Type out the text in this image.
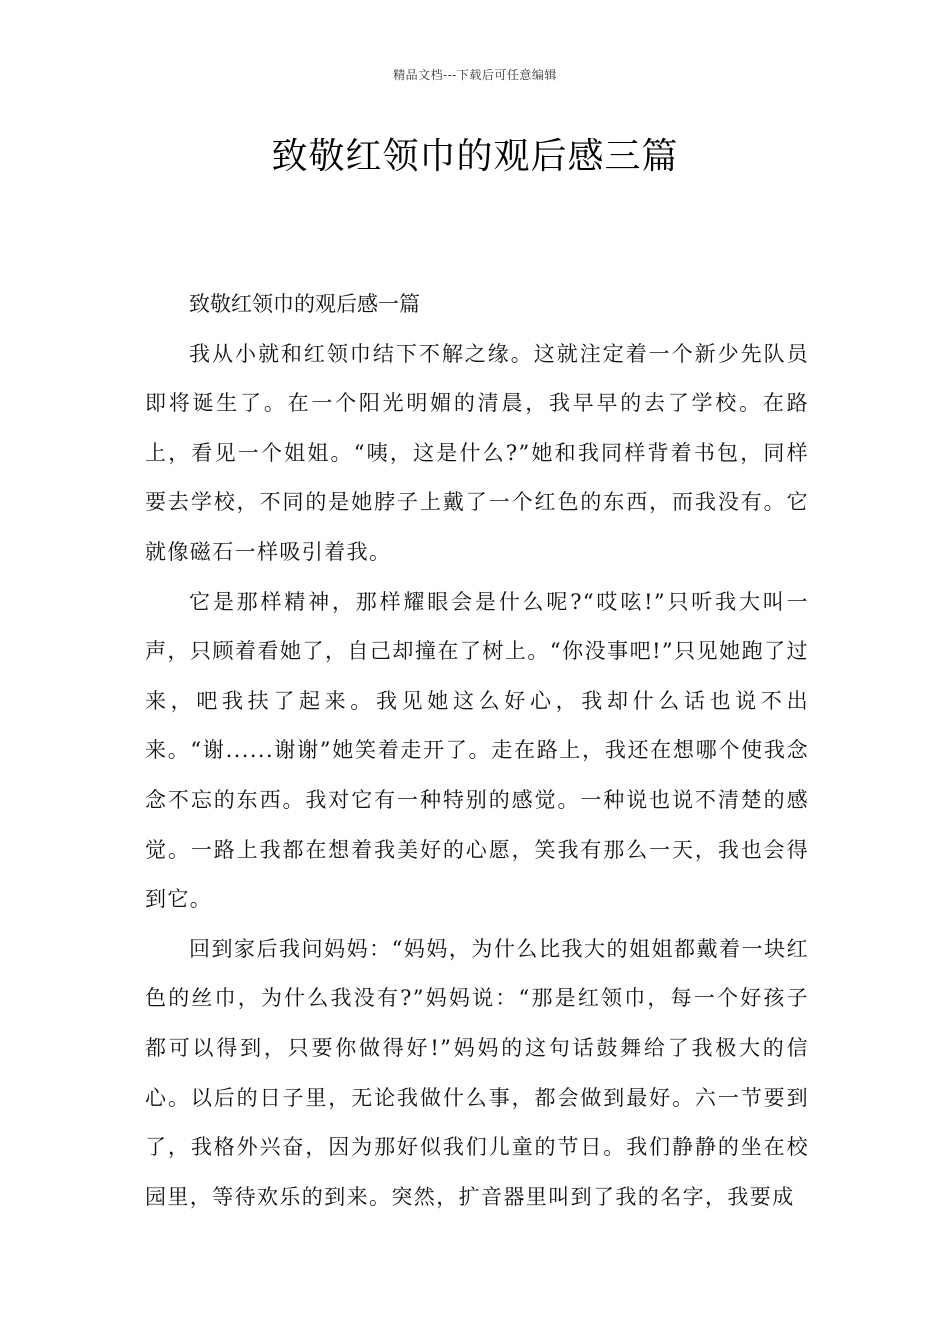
精品文档---下载后可任意编辑
致敬红领巾的观后感三篇

致敬红领巾的观后感一篇

我从小就和红领巾结下不解之缘。这就注定着一个新少先队员即将诞生了。在一个阳光明媚的清晨，我早早的去了学校。在路上，看见一个姐姐。“咦，这是什么?”她和我同样背着书包，同样要去学校，不同的是她脖子上戴了一个红色的东西，而我没有。它就像磁石一样吸引着我。

它是那样精神，那样耀眼会是什么呢?“哎呟!”只听我大叫一声，只顾着看她了，自己却撞在了树上。“你没事吧!”只见她跑了过来，吧我扶了起来。我见她这么好心，我却什么话也说不出来。“谢......谢谢”她笑着走开了。走在路上，我还在想哪个使我念念不忘的东西。我对它有一种特别的感觉。一种说也说不清楚的感觉。一路上我都在想着我美好的心愿，笑我有那么一天，我也会得到它。

回到家后我问妈妈：“妈妈，为什么比我大的姐姐都戴着一块红色的丝巾，为什么我没有?”妈妈说：“那是红领巾，每一个好孩子都可以得到，只要你做得好!”妈妈的这句话鼓舞给了我极大的信心。以后的日子里，无论我做什么事，都会做到最好。六一节要到了，我格外兴奋，因为那好似我们儿童的节日。我们静静的坐在校园里，等待欢乐的到来。突然，扩音器里叫到了我的名字，我要成
